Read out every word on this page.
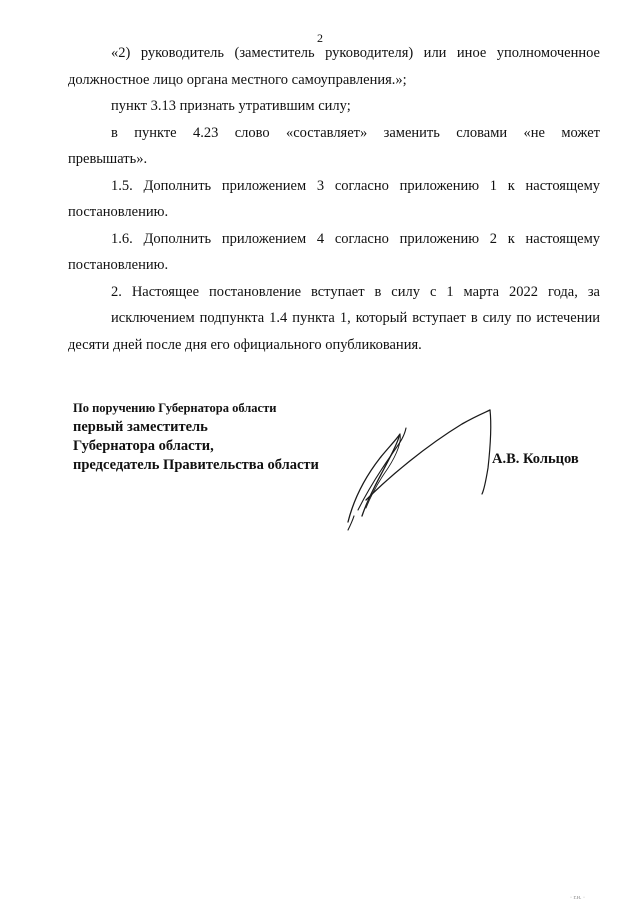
2

«2) руководитель (заместитель руководителя) или иное уполномоченное

должностное лицо органа местного самоуправления.»;

пункт 3.13 признать утратившим силу;

в пункте 4.23 слово «составляет» заменить словами «не может

превышать».

1.5. Дополнить приложением 3 согласно приложению 1 к настоящему

постановлению.

1.6. Дополнить приложением 4 согласно приложению 2 к настоящему

постановлению.

2. Настоящее постановление вступает в силу с 1 марта 2022 года, за

исключением подпункта 1.4 пункта 1, который вступает в силу по истечении

десяти дней после дня его официального опубликования.

По поручению Губернатора области
первый заместитель
Губернатора области,
председатель Правительства области	А.В. Кольцов
· г.н. ·
